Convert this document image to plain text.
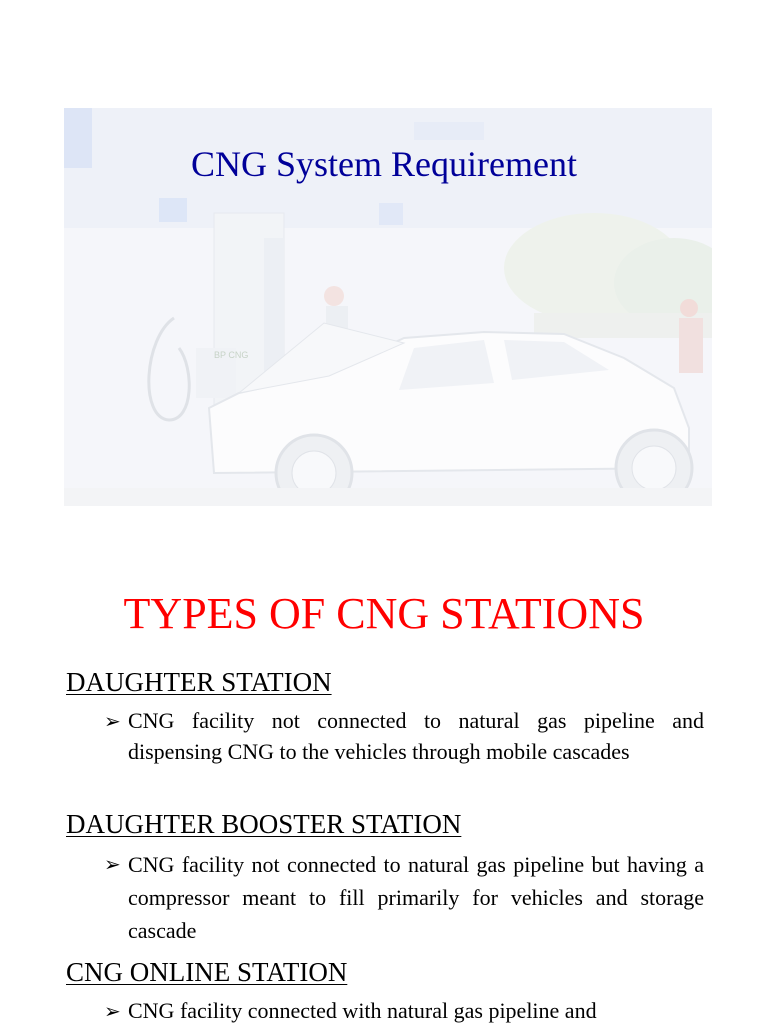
BP CNG
CNG System Requirement
TYPES OF CNG STATIONS
DAUGHTER STATION
➢ CNG facility not connected to natural gas pipeline and dispensing CNG to the vehicles through mobile cascades
DAUGHTER BOOSTER STATION
➢ CNG facility not connected to natural gas pipeline but having a compressor meant to fill primarily for vehicles and storage cascade
CNG ONLINE STATION
➢ CNG facility connected with natural gas pipeline and
